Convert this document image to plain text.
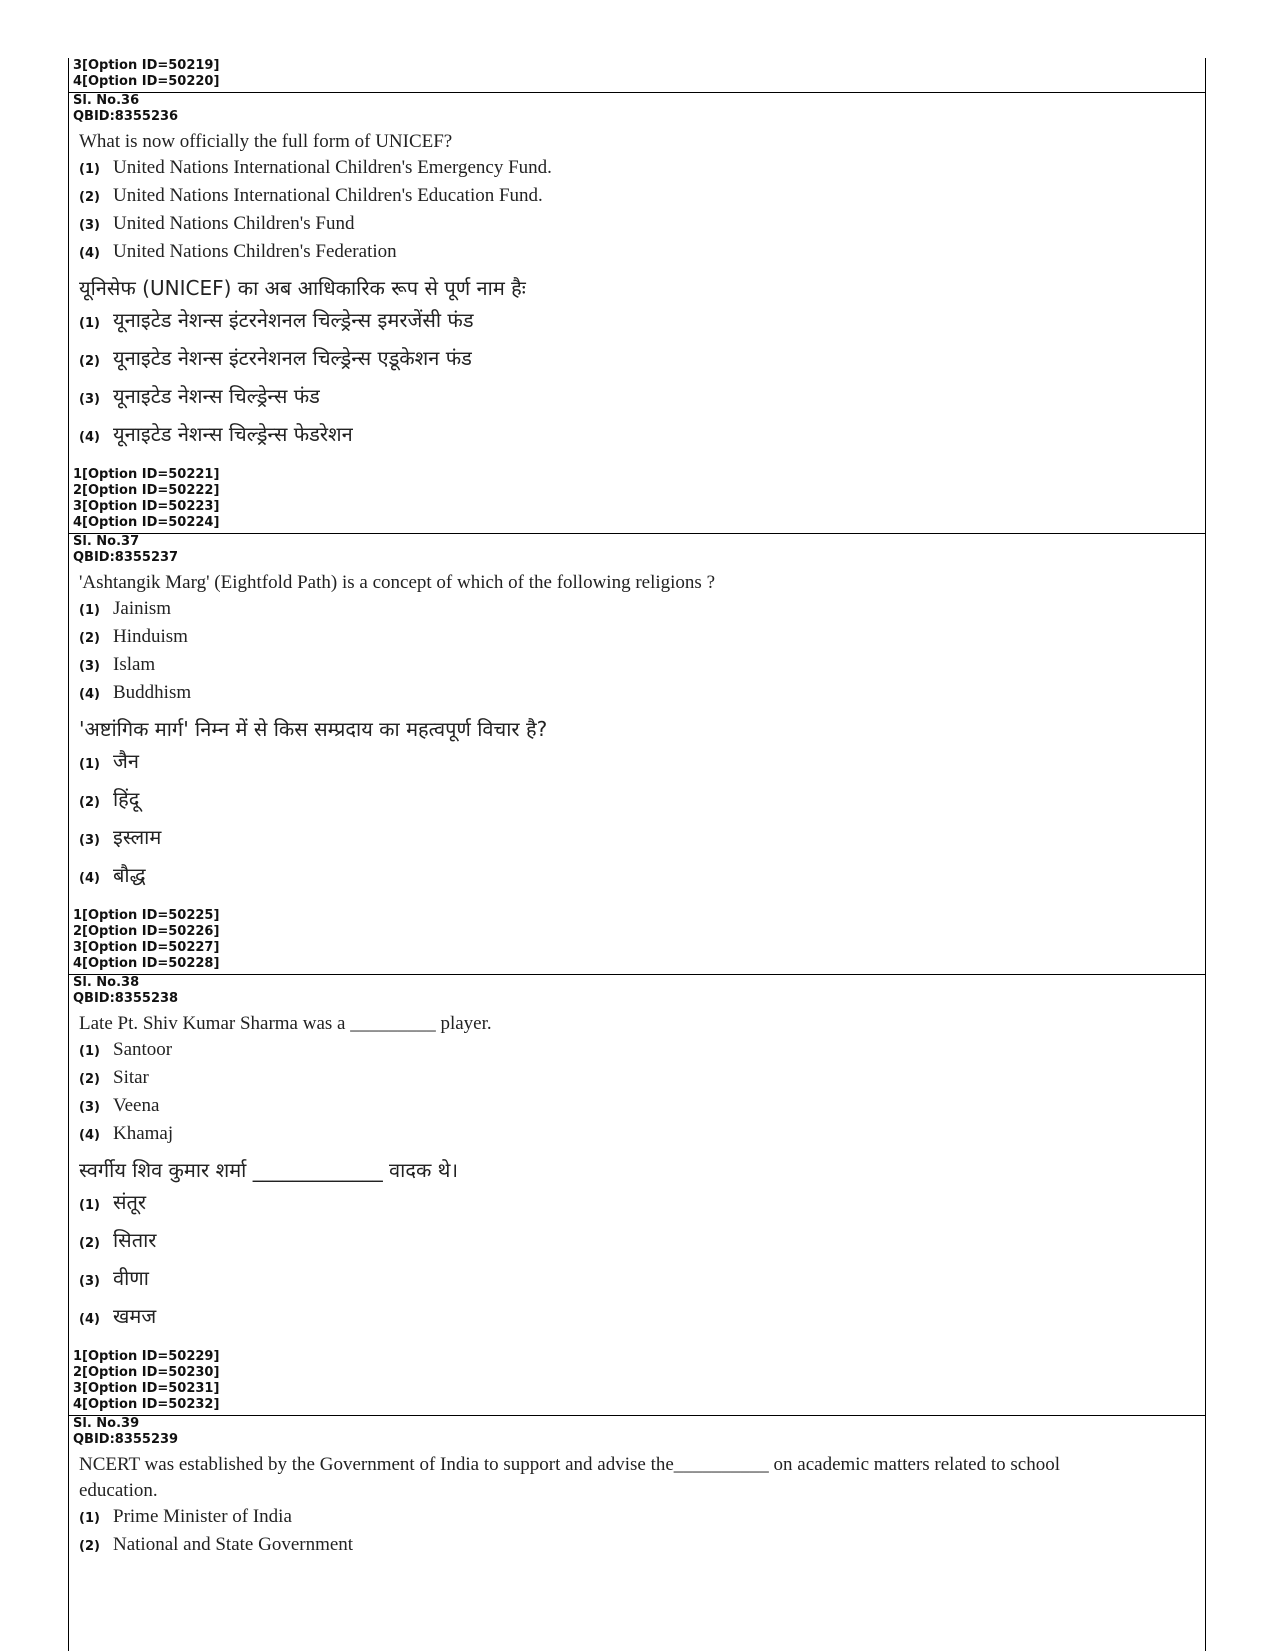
3[Option ID=50219]
4[Option ID=50220]
Sl. No.36
QBID:8355236
What is now officially the full form of UNICEF?
(1) United Nations International Children's Emergency Fund.
(2) United Nations International Children's Education Fund.
(3) United Nations Children's Fund
(4) United Nations Children's Federation
यूनिसेफ (UNICEF) का अब आधिकारिक रूप से पूर्ण नाम हैः
(1) यूनाइटेड नेशन्स इंटरनेशनल चिल्ड्रेन्स इमरजेंसी फंड
(2) यूनाइटेड नेशन्स इंटरनेशनल चिल्ड्रेन्स एडूकेशन फंड
(3) यूनाइटेड नेशन्स चिल्ड्रेन्स फंड
(4) यूनाइटेड नेशन्स चिल्ड्रेन्स फेडरेशन
1[Option ID=50221]
2[Option ID=50222]
3[Option ID=50223]
4[Option ID=50224]
Sl. No.37
QBID:8355237
'Ashtangik Marg' (Eightfold Path) is a concept of which of the following religions ?
(1) Jainism
(2) Hinduism
(3) Islam
(4) Buddhism
'अष्टांगिक मार्ग' निम्न में से किस सम्प्रदाय का महत्वपूर्ण विचार है?
(1) जैन
(2) हिंदू
(3) इस्लाम
(4) बौद्ध
1[Option ID=50225]
2[Option ID=50226]
3[Option ID=50227]
4[Option ID=50228]
Sl. No.38
QBID:8355238
Late Pt. Shiv Kumar Sharma was a _________ player.
(1) Santoor
(2) Sitar
(3) Veena
(4) Khamaj
स्वर्गीय शिव कुमार शर्मा _____________ वादक थे।
(1) संतूर
(2) सितार
(3) वीणा
(4) खमज
1[Option ID=50229]
2[Option ID=50230]
3[Option ID=50231]
4[Option ID=50232]
Sl. No.39
QBID:8355239
NCERT was established by the Government of India to support and advise the__________ on academic matters related to school education.
(1) Prime Minister of India
(2) National and State Government
